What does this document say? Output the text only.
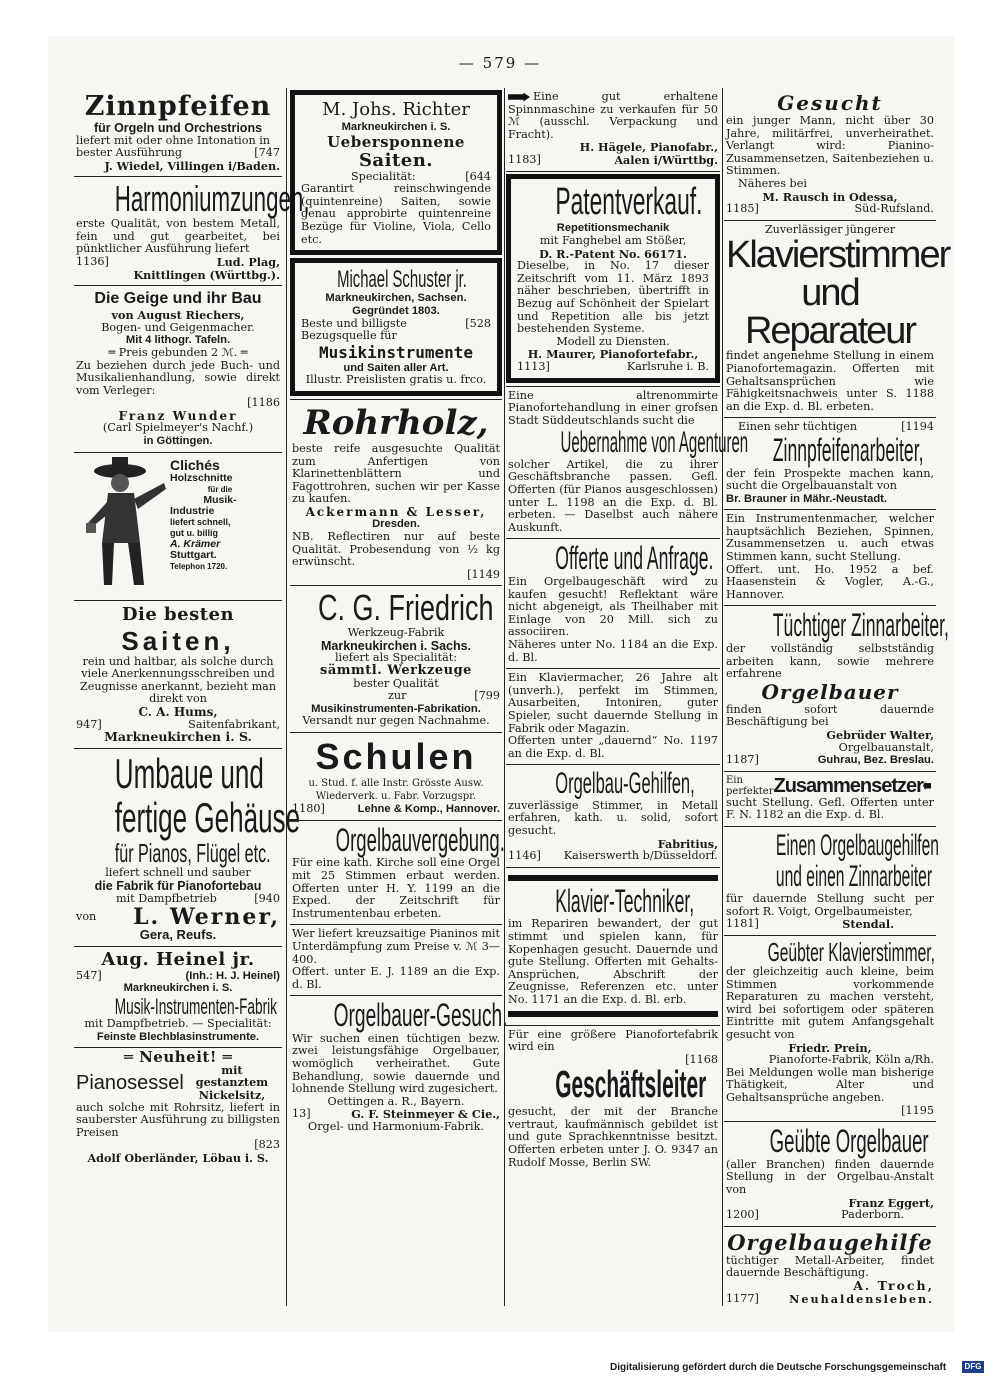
— 579 —
Zinnpfeifen
für Orgeln und Orchestrions
liefert mit oder ohne Intonation in
bester Ausführung	[747
J. Wiedel, Villingen i/Baden.
Harmoniumzungen,
erste Qualität, von bestem Metall, fein und gut gearbeitet, bei pünktlicher Ausführung liefert
1136]	Lud. Plag,
Knittlingen (Württbg.).
Die Geige und ihr Bau
von August Riechers,
Bogen- und Geigenmacher.
Mit 4 lithogr. Tafeln.
═ Preis gebunden 2 ℳ. ═
Zu beziehen durch jede Buch- und Musikalienhandlung, sowie direkt vom Verleger:
[1186
Franz Wunder
(Carl Spielmeyer's Nachf.)
in Göttingen.
Clichés
Holzschnitte
für die
Musik-
Industrie
liefert schnell,
gut u. billig
A. Krämer
Stuttgart.
Telephon 1720.
Die besten
Saiten,
rein und haltbar, als solche durch viele Anerkennungsschreiben und Zeugnisse anerkannt, bezieht man direkt von
C. A. Hums,
947]	Saitenfabrikant,
Markneukirchen i. S.
Umbaue und
fertige Gehäuse
für Pianos, Flügel etc.
liefert schnell und sauber
die Fabrik für Pianofortebau
mit Dampfbetrieb	[940
von L. Werner,
Gera, Reufs.
Aug. Heinel jr.
547]	(Inh.: H. J. Heinel)
Markneukirchen i. S.
Musik-Instrumenten-Fabrik
mit Dampfbetrieb. — Specialität:
Feinste Blechblasinstrumente.
═ Neuheit! ═
Pianosessel
mit gestanztem Nickelsitz,
auch solche mit Rohrsitz, liefert in sauberster Ausführung zu billigsten Preisen
[823
Adolf Oberländer, Löbau i. S.
M. Johs. Richter
Markneukirchen i. S.
Uebersponnene
Saiten.
Specialität:	[644
Garantirt reinschwingende (quintenreine) Saiten, sowie genau approbirte quintenreine Bezüge für Violine, Viola, Cello etc.
Michael Schuster jr.
Markneukirchen, Sachsen.
Gegründet 1803.
Beste und billigste Bezugsquelle für
[528
Musikinstrumente
und Saiten aller Art.
Illustr. Preislisten gratis u. frco.
Rohrholz,
beste reife ausgesuchte Qualität zum Anfertigen von Klarinettenblättern und Fagottrohren, suchen wir per Kasse zu kaufen.
Ackermann & Lesser,
Dresden.
NB. Reflectiren nur auf beste Qualität. Probesendung von ½ kg erwünscht.
[1149
C. G. Friedrich
Werkzeug-Fabrik
Markneukirchen i. Sachs.
liefert als Specialität:
sämmtl. Werkzeuge
bester Qualität
zur	[799
Musikinstrumenten-Fabrikation.
Versandt nur gegen Nachnahme.
Schulen
u. Stud. f. alle Instr. Grösste Ausw.
Wiederverk. u. Fabr. Vorzugspr.
1180]	Lehne & Komp., Hannover.
Orgelbauvergebung.
Für eine kath. Kirche soll eine Orgel mit 25 Stimmen erbaut werden. Offerten unter H. Y. 1199 an die Exped. der Zeitschrift für Instrumentenbau erbeten.
Wer liefert kreuzsaitige Pianinos mit Unterdämpfung zum Preise v. ℳ 3—400.
Offert. unter E. J. 1189 an die Exp. d. Bl.
Orgelbauer-Gesuch.
Wir suchen einen tüchtigen bezw. zwei leistungsfähige Orgelbauer, womöglich verheirathet. Gute Behandlung, sowie dauernde und lohnende Stellung wird zugesichert.
Oettingen a. R., Bayern.
13]	G. F. Steinmeyer & Cie.,
Orgel- und Harmonium-Fabrik.
Eine gut erhaltene Spinnmaschine zu verkaufen für 50 ℳ (ausschl. Verpackung und Fracht).
H. Hägele, Pianofabr.,
1183]	Aalen i/Württbg.
Patentverkauf.
Repetitionsmechanik
mit Fanghebel am Stößer,
D. R.-Patent No. 66171.
Dieselbe, in No. 17 dieser Zeitschrift vom 11. März 1893 näher beschrieben, übertrifft in Bezug auf Schönheit der Spielart und Repetition alle bis jetzt bestehenden Systeme.
Modell zu Diensten.
H. Maurer, Pianofortefabr.,
1113]	Karlsruhe i. B.
Eine altrenommirte Pianofortehandlung in einer grofsen Stadt Süddeutschlands sucht die
Uebernahme von Agenturen
solcher Artikel, die zu ihrer Geschäftsbranche passen. Gefl. Offerten (für Pianos ausgeschlossen) unter L. 1198 an die Exp. d. Bl. erbeten. — Daselbst auch nähere Auskunft.
Offerte und Anfrage.
Ein Orgelbaugeschäft wird zu kaufen gesucht! Reflektant wäre nicht abgeneigt, als Theilhaber mit Einlage von 20 Mill. sich zu associiren.
Näheres unter No. 1184 an die Exp. d. Bl.
Ein Klaviermacher, 26 Jahre alt (unverh.), perfekt im Stimmen, Ausarbeiten, Intoniren, guter Spieler, sucht dauernde Stellung in Fabrik oder Magazin.
Offerten unter „dauernd“ No. 1197 an die Exp. d. Bl.
Orgelbau-Gehilfen,
zuverlässige Stimmer, in Metall erfahren, kath. u. solid, sofort gesucht.
Fabritius,
1146] Kaiserswerth b/Düsseldorf.
Klavier-Techniker,
im Repariren bewandert, der gut stimmt und spielen kann, für Kopenhagen gesucht. Dauernde und gute Stellung. Offerten mit Gehalts-Ansprüchen, Abschrift der Zeugnisse, Referenzen etc. unter No. 1171 an die Exp. d. Bl. erb.
Für eine größere Pianofortefabrik wird ein
[1168
Geschäftsleiter
gesucht, der mit der Branche vertraut, kaufmännisch gebildet ist und gute Sprachkenntnisse besitzt. Offerten erbeten unter J. O. 9347 an Rudolf Mosse, Berlin SW.
Gesucht
ein junger Mann, nicht über 30 Jahre, militärfrei, unverheirathet. Verlangt wird: Pianino-Zusammensetzen, Saitenbeziehen u. Stimmen.
Näheres bei
M. Rausch in Odessa,
1185]	Süd-Rufsland.
Zuverlässiger jüngerer
Klavierstimmer und Reparateur
findet angenehme Stellung in einem Pianofortemagazin. Offerten mit Gehaltsansprüchen wie Fähigkeitsnachweis unter S. 1188 an die Exp. d. Bl. erbeten.
Einen sehr tüchtigen	[1194
Zinnpfeifenarbeiter,
der fein Prospekte machen kann, sucht die Orgelbauanstalt von
Br. Brauner in Mähr.-Neustadt.
Ein Instrumentenmacher, welcher hauptsächlich Beziehen, Spinnen, Zusammensetzen u. auch etwas Stimmen kann, sucht Stellung.
Offert. unt. Ho. 1952 a bef. Haasenstein & Vogler, A.-G., Hannover.
Tüchtiger Zinnarbeiter,
der vollständig selbstständig arbeiten kann, sowie mehrere erfahrene
Orgelbauer
finden sofort dauernde Beschäftigung bei
Gebrüder Walter,
Orgelbauanstalt,
1187]	Guhrau, Bez. Breslau.
Ein
perfekter Zusammensetzer
sucht Stellung. Gefl. Offerten unter F. N. 1182 an die Exp. d. Bl.
Einen Orgelbaugehilfen
und einen Zinnarbeiter
für dauernde Stellung sucht per sofort R. Voigt, Orgelbaumeister,
1181]	Stendal.
Geübter Klavierstimmer,
der gleichzeitig auch kleine, beim Stimmen vorkommende Reparaturen zu machen versteht, wird bei sofortigem oder späteren Eintritte mit gutem Anfangsgehalt gesucht von
Friedr. Prein,
Pianoforte-Fabrik, Köln a/Rh.
Bei Meldungen wolle man bisherige Thätigkeit, Alter und Gehaltsansprüche angeben.
[1195
Geübte Orgelbauer
(aller Branchen) finden dauernde Stellung in der Orgelbau-Anstalt von
Franz Eggert,
1200]	Paderborn.
Orgelbaugehilfe
tüchtiger Metall-Arbeiter, findet dauernde Beschäftigung.
A. Troch,
1177]	Neuhaldensleben.
Digitalisierung gefördert durch die Deutsche Forschungsgemeinschaft	DFG
